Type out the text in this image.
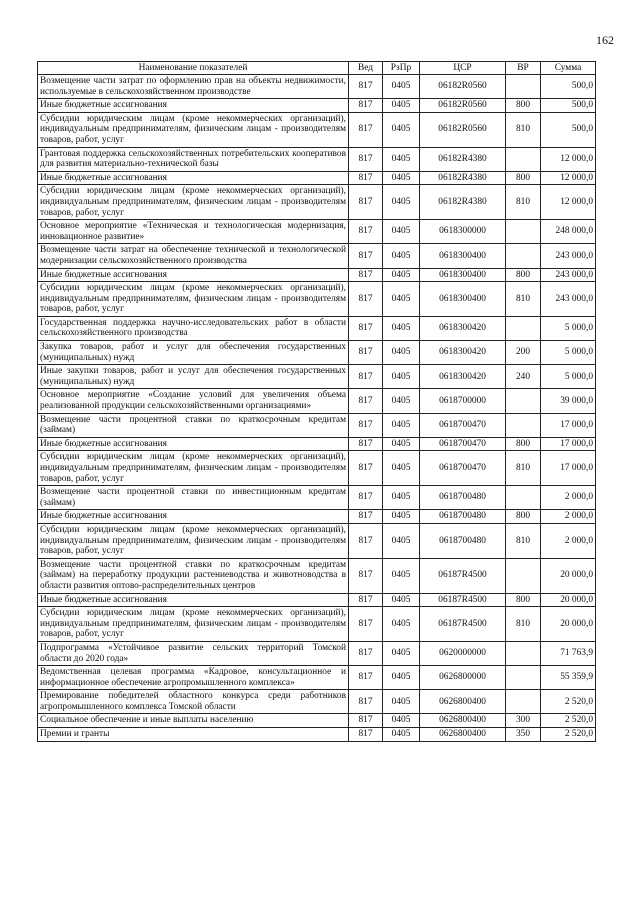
162
Наименование показателей	Вед	РзПр	ЦСР	ВР	Сумма
Возмещение части затрат по оформлению прав на объекты недвижимости, используемые в сельскохозяйственном производстве	817	0405	06182R0560		500,0
Иные бюджетные ассигнования	817	0405	06182R0560	800	500,0
Субсидии юридическим лицам (кроме некоммерческих организаций), индивидуальным предпринимателям, физическим лицам - производителям товаров, работ, услуг	817	0405	06182R0560	810	500,0
Грантовая поддержка сельскохозяйственных потребительских кооперативов для развития материально-технической базы	817	0405	06182R4380		12 000,0
Иные бюджетные ассигнования	817	0405	06182R4380	800	12 000,0
Субсидии юридическим лицам (кроме некоммерческих организаций), индивидуальным предпринимателям, физическим лицам - производителям товаров, работ, услуг	817	0405	06182R4380	810	12 000,0
Основное мероприятие «Техническая и технологическая модернизация, инновационное развитие»	817	0405	0618300000		248 000,0
Возмещение части затрат на обеспечение технической и технологической модернизации сельскохозяйственного производства	817	0405	0618300400		243 000,0
Иные бюджетные ассигнования	817	0405	0618300400	800	243 000,0
Субсидии юридическим лицам (кроме некоммерческих организаций), индивидуальным предпринимателям, физическим лицам - производителям товаров, работ, услуг	817	0405	0618300400	810	243 000,0
Государственная поддержка научно-исследовательских работ в области сельскохозяйственного производства	817	0405	0618300420		5 000,0
Закупка товаров, работ и услуг для обеспечения государственных (муниципальных) нужд	817	0405	0618300420	200	5 000,0
Иные закупки товаров, работ и услуг для обеспечения государственных (муниципальных) нужд	817	0405	0618300420	240	5 000,0
Основное мероприятие «Создание условий для увеличения объема реализованной продукции сельскохозяйственными организациями»	817	0405	0618700000		39 000,0
Возмещение части процентной ставки по краткосрочным кредитам (займам)	817	0405	0618700470		17 000,0
Иные бюджетные ассигнования	817	0405	0618700470	800	17 000,0
Субсидии юридическим лицам (кроме некоммерческих организаций), индивидуальным предпринимателям, физическим лицам - производителям товаров, работ, услуг	817	0405	0618700470	810	17 000,0
Возмещение части процентной ставки по инвестиционным кредитам (займам)	817	0405	0618700480		2 000,0
Иные бюджетные ассигнования	817	0405	0618700480	800	2 000,0
Субсидии юридическим лицам (кроме некоммерческих организаций), индивидуальным предпринимателям, физическим лицам - производителям товаров, работ, услуг	817	0405	0618700480	810	2 000,0
Возмещение части процентной ставки по краткосрочным кредитам (займам) на переработку продукции растениеводства и животноводства в области развития оптово-распределительных центров	817	0405	06187R4500		20 000,0
Иные бюджетные ассигнования	817	0405	06187R4500	800	20 000,0
Субсидии юридическим лицам (кроме некоммерческих организаций), индивидуальным предпринимателям, физическим лицам - производителям товаров, работ, услуг	817	0405	06187R4500	810	20 000,0
Подпрограмма «Устойчивое развитие сельских территорий Томской области до 2020 года»	817	0405	0620000000		71 763,9
Ведомственная целевая программа «Кадровое, консультационное и информационное обеспечение агропромышленного комплекса»	817	0405	0626800000		55 359,9
Премирование победителей областного конкурса среди работников агропромышленного комплекса Томской области	817	0405	0626800400		2 520,0
Социальное обеспечение и иные выплаты населению	817	0405	0626800400	300	2 520,0
Премии и гранты	817	0405	0626800400	350	2 520,0
